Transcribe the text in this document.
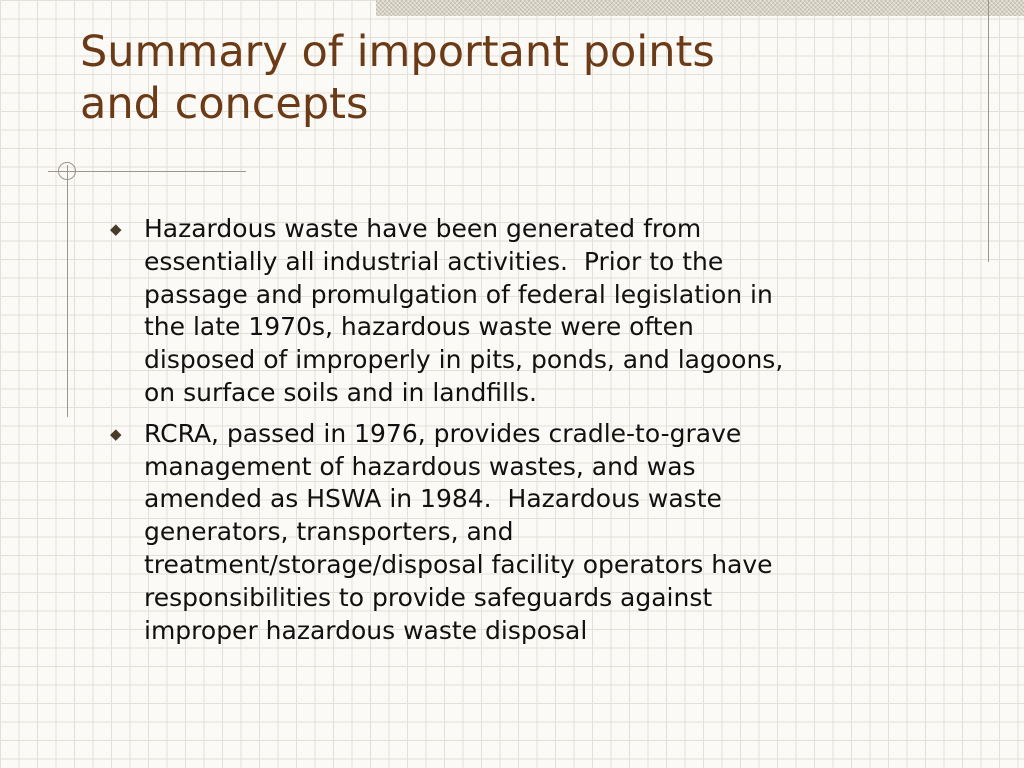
Summary of important points
and concepts
◆ Hazardous waste have been generated from
essentially all industrial activities.  Prior to the
passage and promulgation of federal legislation in
the late 1970s, hazardous waste were often
disposed of improperly in pits, ponds, and lagoons,
on surface soils and in landfills.
◆ RCRA, passed in 1976, provides cradle-to-grave
management of hazardous wastes, and was
amended as HSWA in 1984.  Hazardous waste
generators, transporters, and
treatment/storage/disposal facility operators have
responsibilities to provide safeguards against
improper hazardous waste disposal
